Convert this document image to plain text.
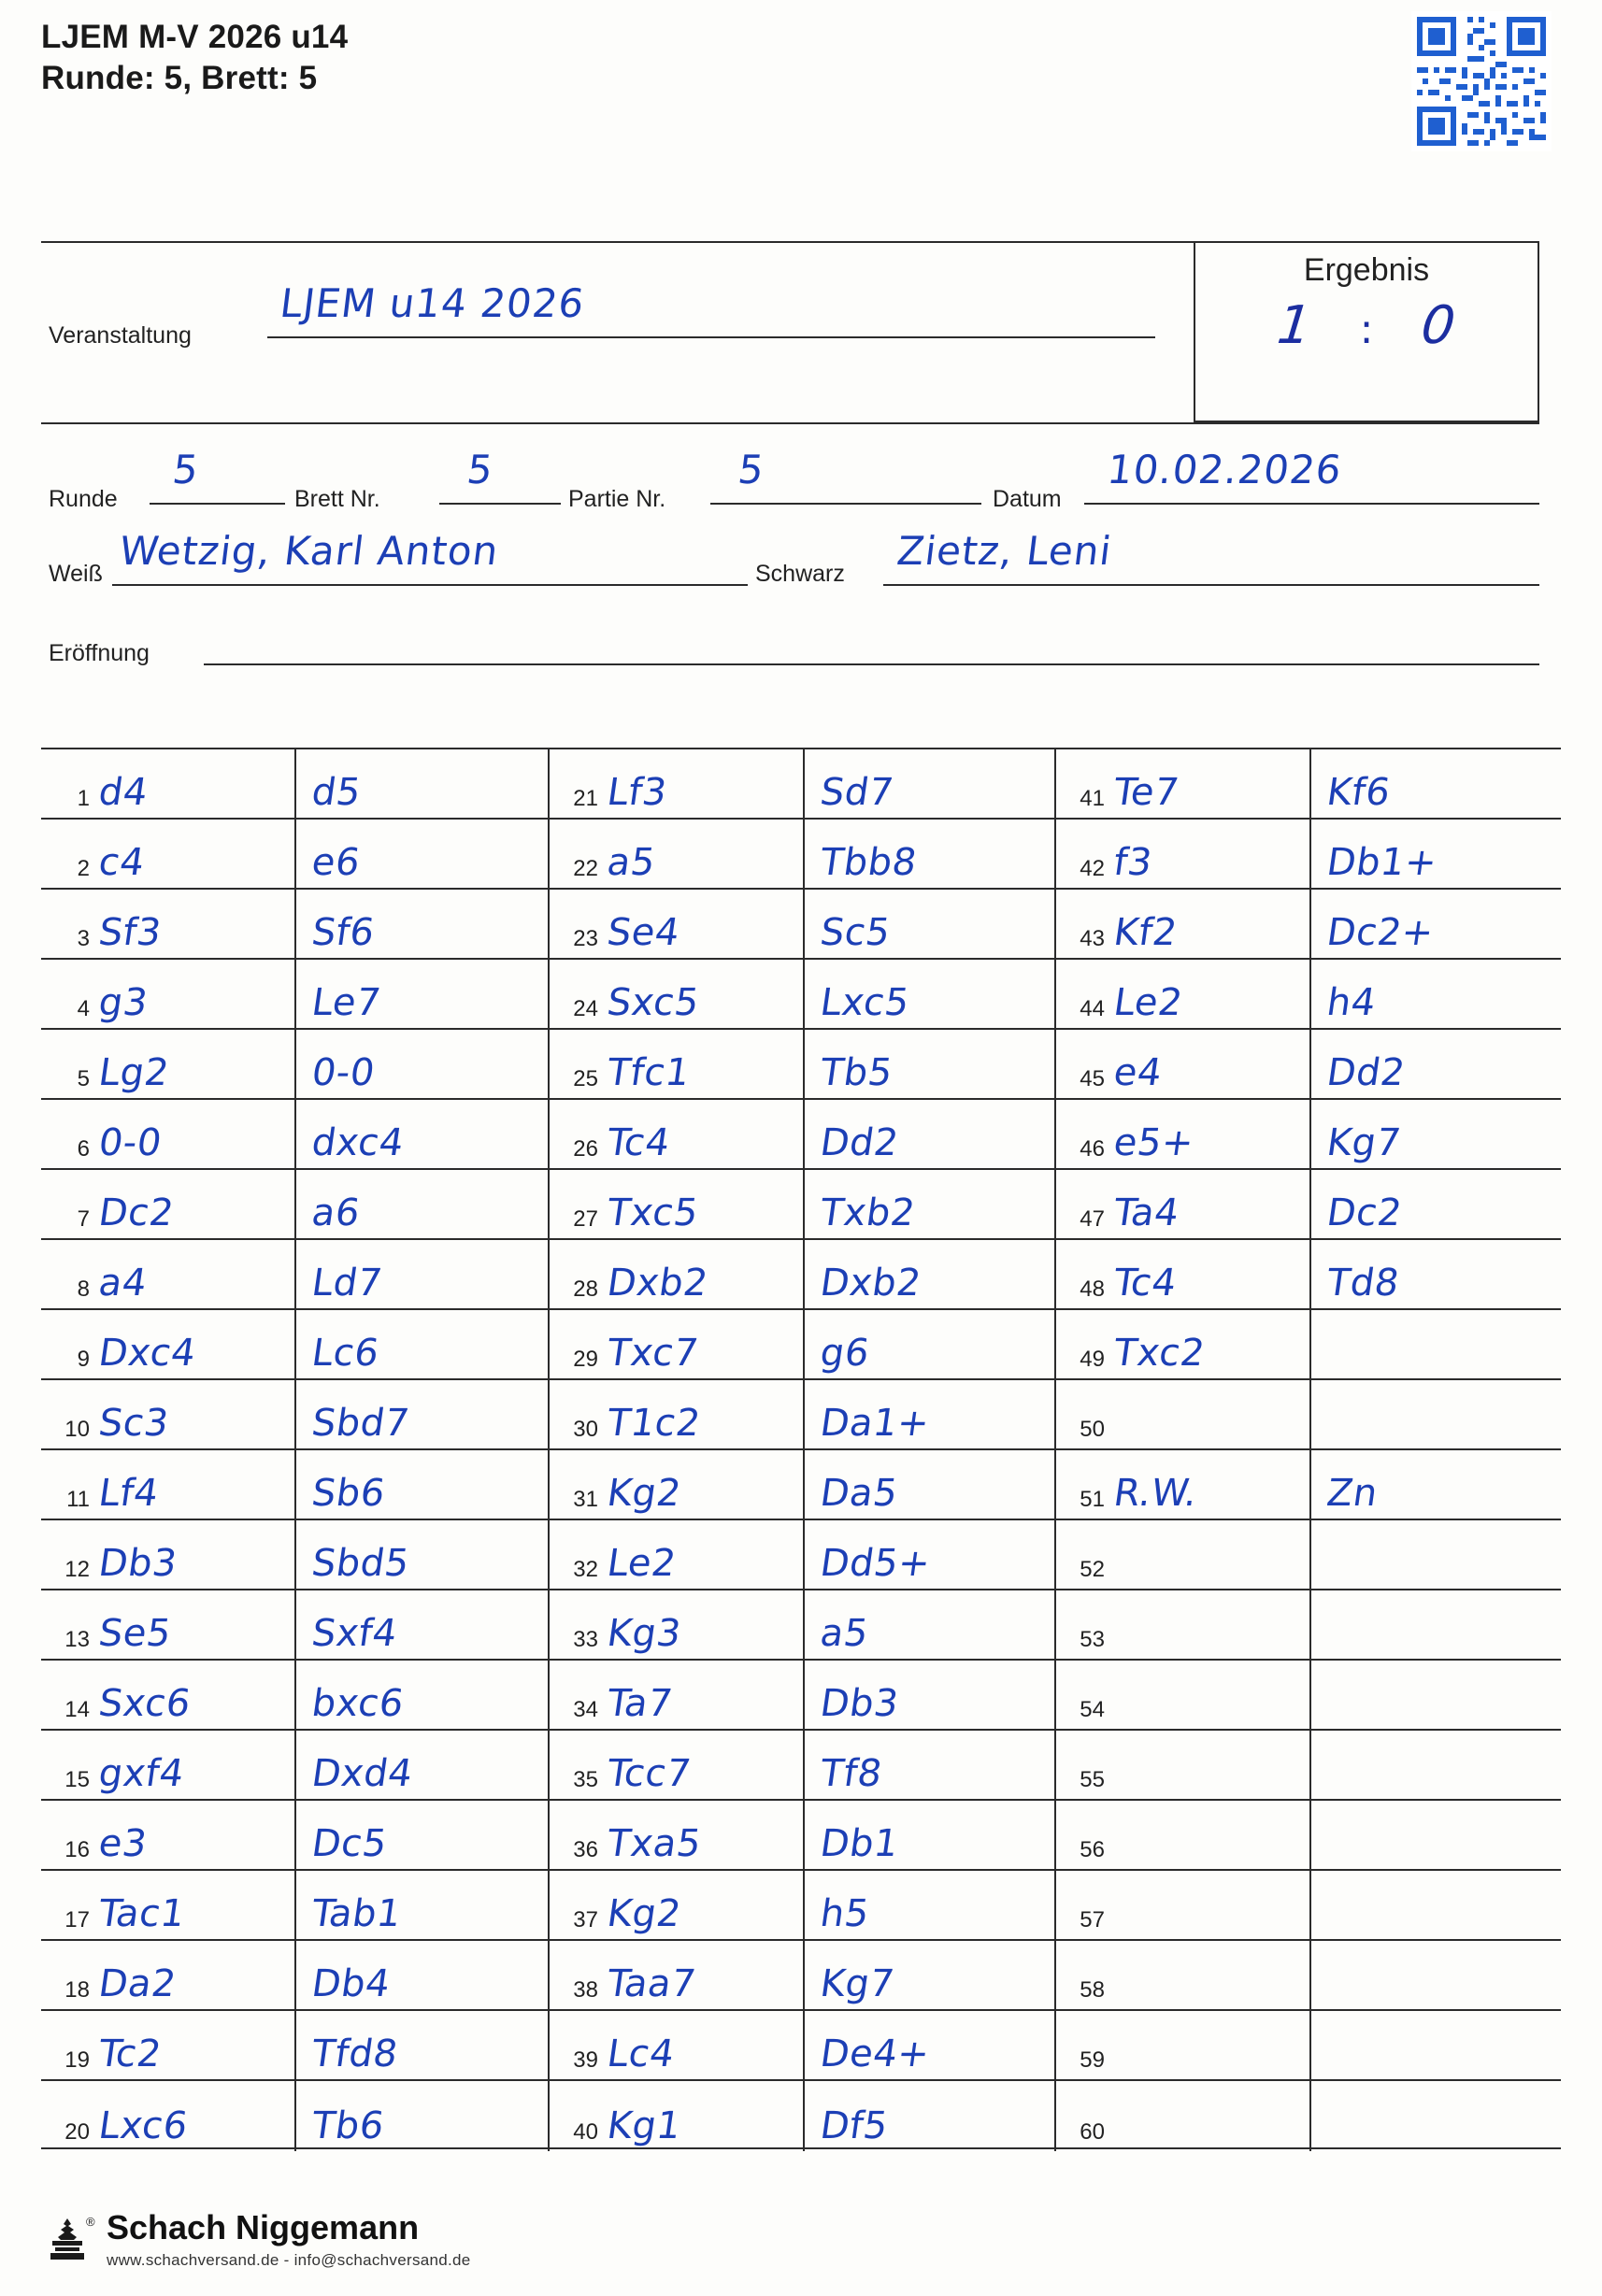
LJEM M-V 2026 u14
Runde: 5, Brett: 5
Ergebnis
1 : 0
Veranstaltung
LJEM u14 2026
Runde
5
Brett Nr.
5
Partie Nr.
5
Datum
10.02.2026
Weiß Wetzig, Karl Anton	Schwarz Zietz, Leni
Eröffnung
1 d4	d5
2 c4	e6
3 Sf3	Sf6
4 g3	Le7
5 Lg2	0-0
6 0-0	dxc4
7 Dc2	a6
8 a4	Ld7
9 Dxc4	Lc6
10 Sc3	Sbd7
11 Lf4	Sb6
12 Db3	Sbd5
13 Se5	Sxf4
14 Sxc6	bxc6
15 gxf4	Dxd4
16 e3	Dc5
17 Tac1	Tab1
18 Da2	Db4
19 Tc2	Tfd8
20 Lxc6	Tb6
21 Lf3	Sd7
22 a5	Tbb8
23 Se4	Sc5
24 Sxc5	Lxc5
25 Tfc1	Tb5
26 Tc4	Dd2
27 Txc5	Txb2
28 Dxb2	Dxb2
29 Txc7	g6
30 T1c2	Da1+
31 Kg2	Da5
32 Le2	Dd5+
33 Kg3	a5
34 Ta7	Db3
35 Tcc7	Tf8
36 Txa5	Db1
37 Kg2	h5
38 Taa7	Kg7
39 Lc4	De4+
40 Kg1	Df5
41 Te7	Kf6
42 f3	Db1+
43 Kf2	Dc2+
44 Le2	h4
45 e4	Dd2
46 e5+	Kg7
47 Ta4	Dc2
48 Tc4	Td8
49 Txc2
50
51 R.W.	Zn
52
53
54
55
56
57
58
59
60
® Schach Niggemann
www.schachversand.de - info@schachversand.de
